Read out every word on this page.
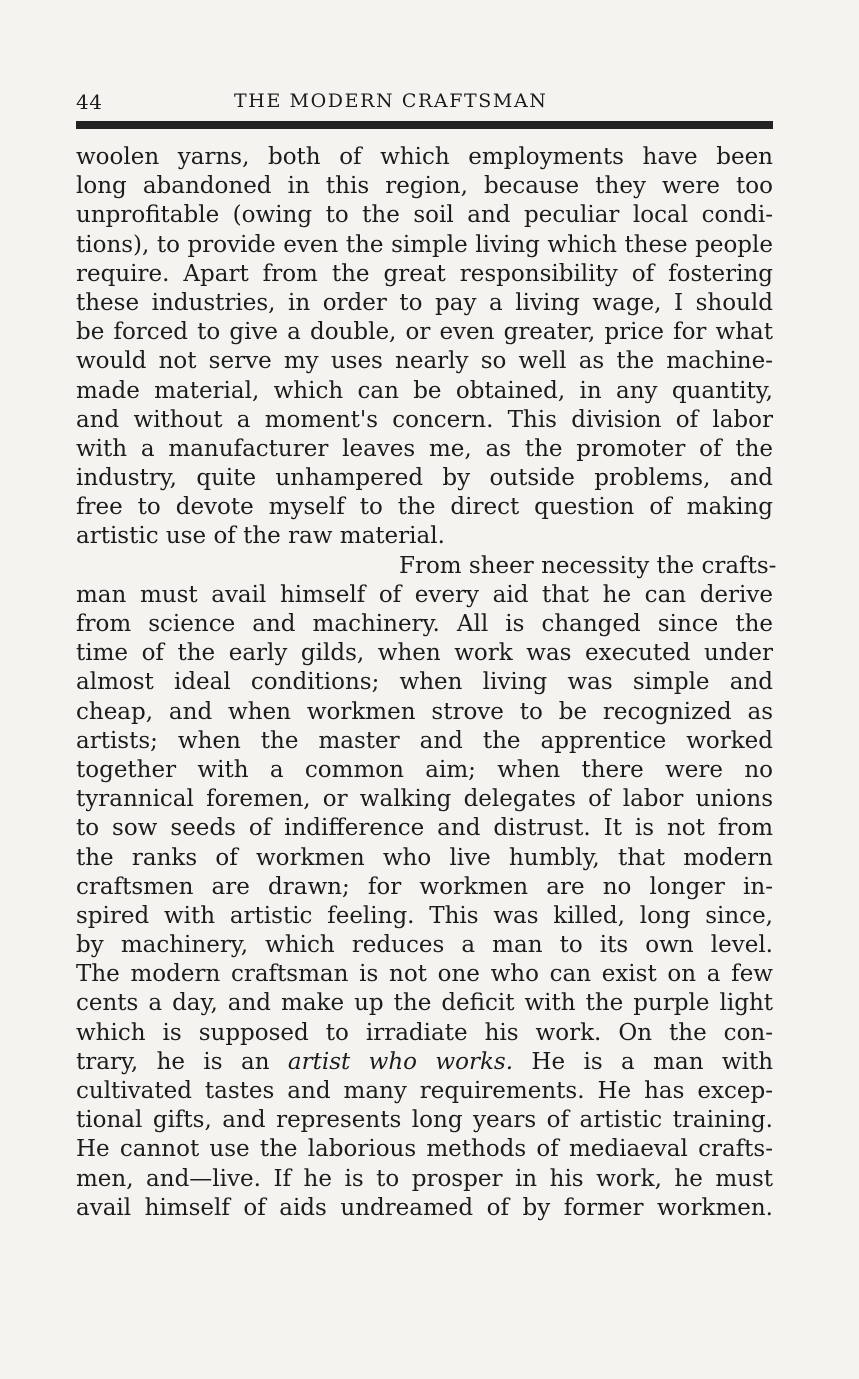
44	THE MODERN CRAFTSMAN
woolen yarns, both of which employments have been
long abandoned in this region, because they were too
unprofitable (owing to the soil and peculiar local condi-
tions), to provide even the simple living which these people
require. Apart from the great responsibility of fostering
these industries, in order to pay a living wage, I should
be forced to give a double, or even greater, price for what
would not serve my uses nearly so well as the machine-
made material, which can be obtained, in any quantity,
and without a moment's concern. This division of labor
with a manufacturer leaves me, as the promoter of the
industry, quite unhampered by outside problems, and
free to devote myself to the direct question of making
artistic use of the raw material.
From sheer necessity the crafts-
man must avail himself of every aid that he can derive
from science and machinery. All is changed since the
time of the early gilds, when work was executed under
almost ideal conditions; when living was simple and
cheap, and when workmen strove to be recognized as
artists; when the master and the apprentice worked
together with a common aim; when there were no
tyrannical foremen, or walking delegates of labor unions
to sow seeds of indifference and distrust. It is not from
the ranks of workmen who live humbly, that modern
craftsmen are drawn; for workmen are no longer in-
spired with artistic feeling. This was killed, long since,
by machinery, which reduces a man to its own level.
The modern craftsman is not one who can exist on a few
cents a day, and make up the deficit with the purple light
which is supposed to irradiate his work. On the con-
trary, he is an artist who works. He is a man with
cultivated tastes and many requirements. He has excep-
tional gifts, and represents long years of artistic training.
He cannot use the laborious methods of mediaeval crafts-
men, and—live. If he is to prosper in his work, he must
avail himself of aids undreamed of by former workmen.
